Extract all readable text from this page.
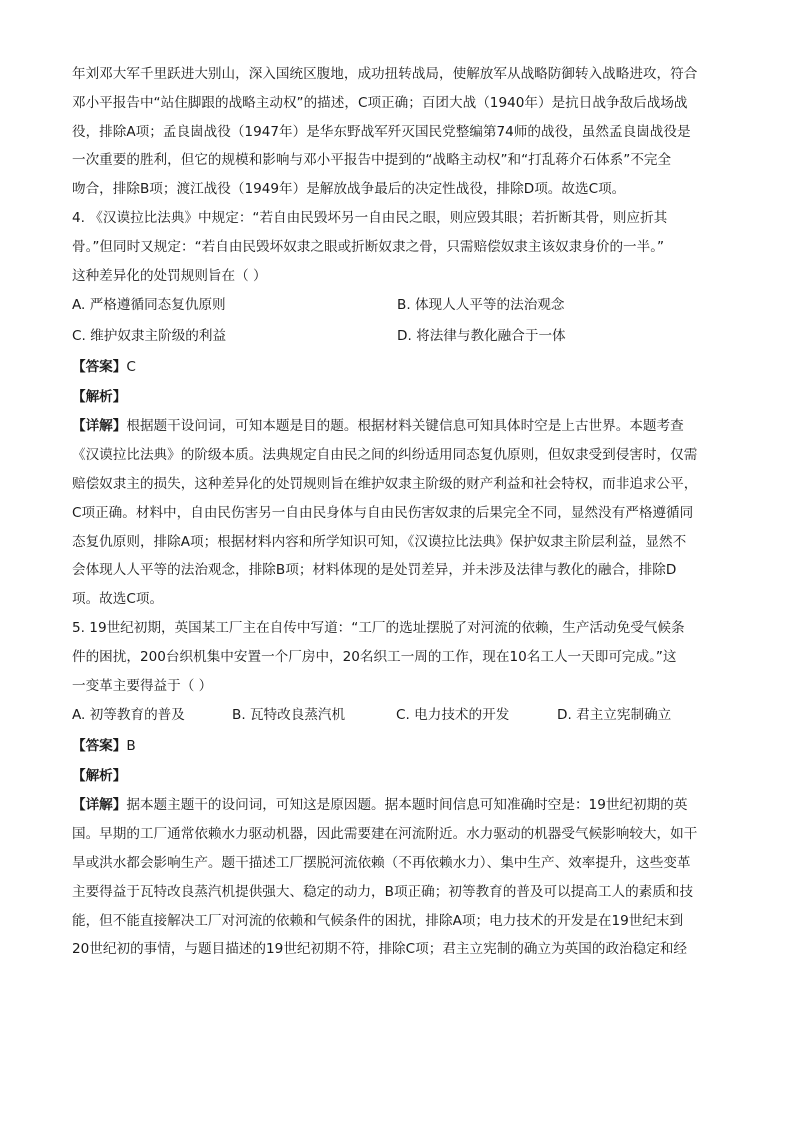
年刘邓大军千里跃进大别山，深入国统区腹地，成功扭转战局，使解放军从战略防御转入战略进攻，符合
邓小平报告中“站住脚跟的战略主动权”的描述，C项正确；百团大战（1940年）是抗日战争敌后战场战
役，排除A项；孟良崮战役（1947年）是华东野战军歼灭国民党整编第74师的战役，虽然孟良崮战役是
一次重要的胜利，但它的规模和影响与邓小平报告中提到的“战略主动权”和“打乱蒋介石体系”不完全
吻合，排除B项；渡江战役（1949年）是解放战争最后的决定性战役，排除D项。故选C项。
4. 《汉谟拉比法典》中规定：“若自由民毁坏另一自由民之眼，则应毁其眼；若折断其骨，则应折其
骨。”但同时又规定：“若自由民毁坏奴隶之眼或折断奴隶之骨，只需赔偿奴隶主该奴隶身价的一半。”
这种差异化的处罚规则旨在（ ）
A. 严格遵循同态复仇原则	B. 体现人人平等的法治观念
C. 维护奴隶主阶级的利益	D. 将法律与教化融合于一体
【答案】C
【解析】
【详解】根据题干设问词，可知本题是目的题。根据材料关键信息可知具体时空是上古世界。本题考查
《汉谟拉比法典》的阶级本质。法典规定自由民之间的纠纷适用同态复仇原则，但奴隶受到侵害时，仅需
赔偿奴隶主的损失，这种差异化的处罚规则旨在维护奴隶主阶级的财产利益和社会特权，而非追求公平，
C项正确。材料中，自由民伤害另一自由民身体与自由民伤害奴隶的后果完全不同，显然没有严格遵循同
态复仇原则，排除A项；根据材料内容和所学知识可知，《汉谟拉比法典》保护奴隶主阶层利益，显然不
会体现人人平等的法治观念，排除B项；材料体现的是处罚差异，并未涉及法律与教化的融合，排除D
项。故选C项。
5. 19世纪初期，英国某工厂主在自传中写道：“工厂的选址摆脱了对河流的依赖，生产活动免受气候条
件的困扰，200台织机集中安置一个厂房中，20名织工一周的工作，现在10名工人一天即可完成。”这
一变革主要得益于（ ）
A. 初等教育的普及	B. 瓦特改良蒸汽机	C. 电力技术的开发	D. 君主立宪制确立
【答案】B
【解析】
【详解】据本题主题干的设问词，可知这是原因题。据本题时间信息可知准确时空是：19世纪初期的英
国。早期的工厂通常依赖水力驱动机器，因此需要建在河流附近。水力驱动的机器受气候影响较大，如干
旱或洪水都会影响生产。题干描述工厂摆脱河流依赖（不再依赖水力）、集中生产、效率提升，这些变革
主要得益于瓦特改良蒸汽机提供强大、稳定的动力，B项正确；初等教育的普及可以提高工人的素质和技
能，但不能直接解决工厂对河流的依赖和气候条件的困扰，排除A项；电力技术的开发是在19世纪末到
20世纪初的事情，与题目描述的19世纪初期不符，排除C项；君主立宪制的确立为英国的政治稳定和经
